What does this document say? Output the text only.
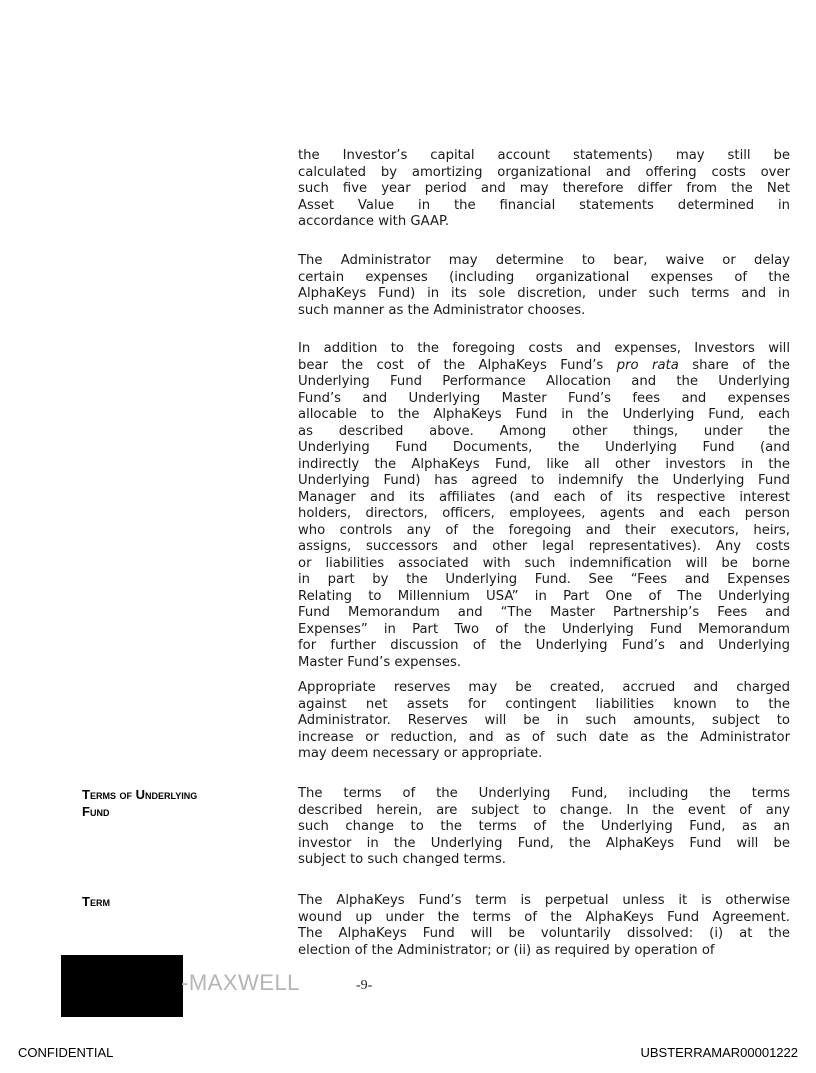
the Investor’s capital account statements) may still be
calculated by amortizing organizational and offering costs over
such five year period and may therefore differ from the Net
Asset Value in the financial statements determined in
accordance with GAAP.
The Administrator may determine to bear, waive or delay
certain expenses (including organizational expenses of the
AlphaKeys Fund) in its sole discretion, under such terms and in
such manner as the Administrator chooses.
In addition to the foregoing costs and expenses, Investors will
bear the cost of the AlphaKeys Fund’s pro rata share of the
Underlying Fund Performance Allocation and the Underlying
Fund’s and Underlying Master Fund’s fees and expenses
allocable to the AlphaKeys Fund in the Underlying Fund, each
as described above. Among other things, under the
Underlying Fund Documents, the Underlying Fund (and
indirectly the AlphaKeys Fund, like all other investors in the
Underlying Fund) has agreed to indemnify the Underlying Fund
Manager and its affiliates (and each of its respective interest
holders, directors, officers, employees, agents and each person
who controls any of the foregoing and their executors, heirs,
assigns, successors and other legal representatives). Any costs
or liabilities associated with such indemnification will be borne
in part by the Underlying Fund. See “Fees and Expenses
Relating to Millennium USA” in Part One of The Underlying
Fund Memorandum and “The Master Partnership’s Fees and
Expenses” in Part Two of the Underlying Fund Memorandum
for further discussion of the Underlying Fund’s and Underlying
Master Fund’s expenses.
Appropriate reserves may be created, accrued and charged
against net assets for contingent liabilities known to the
Administrator. Reserves will be in such amounts, subject to
increase or reduction, and as of such date as the Administrator
may deem necessary or appropriate.
Terms of Underlying
Fund
The terms of the Underlying Fund, including the terms
described herein, are subject to change. In the event of any
such change to the terms of the Underlying Fund, as an
investor in the Underlying Fund, the AlphaKeys Fund will be
subject to such changed terms.
Term	The AlphaKeys Fund’s term is perpetual unless it is otherwise
wound up under the terms of the AlphaKeys Fund Agreement.
The AlphaKeys Fund will be voluntarily dissolved: (i) at the
election of the Administrator; or (ii) as required by operation of
-MAXWELL	-9-
CONFIDENTIAL	UBSTERRAMAR00001222
